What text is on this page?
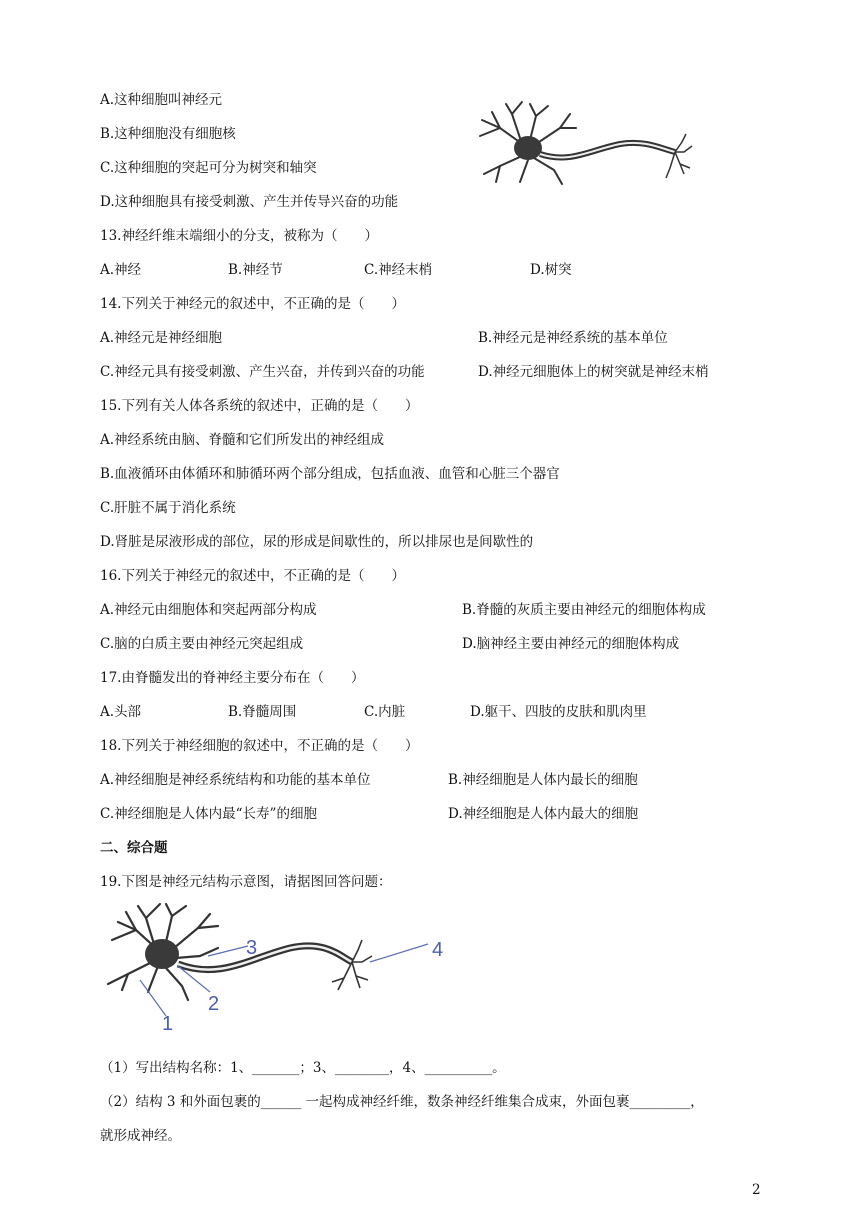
A.这种细胞叫神经元
B.这种细胞没有细胞核
C.这种细胞的突起可分为树突和轴突
D.这种细胞具有接受刺激、产生并传导兴奋的功能
13.神经纤维末端细小的分支，被称为（　　）
A.神经	B.神经节	C.神经末梢	D.树突
14.下列关于神经元的叙述中，不正确的是（　　）
A.神经元是神经细胞	B.神经元是神经系统的基本单位
C.神经元具有接受刺激、产生兴奋，并传到兴奋的功能	D.神经元细胞体上的树突就是神经末梢
15.下列有关人体各系统的叙述中，正确的是（　　）
A.神经系统由脑、脊髓和它们所发出的神经组成
B.血液循环由体循环和肺循环两个部分组成，包括血液、血管和心脏三个器官
C.肝脏不属于消化系统
D.肾脏是尿液形成的部位，尿的形成是间歇性的，所以排尿也是间歇性的
16.下列关于神经元的叙述中，不正确的是（　　）
A.神经元由细胞体和突起两部分构成	B.脊髓的灰质主要由神经元的细胞体构成
C.脑的白质主要由神经元突起组成	D.脑神经主要由神经元的细胞体构成
17.由脊髓发出的脊神经主要分布在（　　）
A.头部	B.脊髓周围	C.内脏	D.躯干、四肢的皮肤和肌肉里
18.下列关于神经细胞的叙述中，不正确的是（　　）
A.神经细胞是神经系统结构和功能的基本单位	B.神经细胞是人体内最长的细胞
C.神经细胞是人体内最“长寿”的细胞	D.神经细胞是人体内最大的细胞
二、综合题
19.下图是神经元结构示意图，请据图回答问题：
1
2
3	4
（1）写出结构名称：1、_______；3、________，4、__________。
（2）结构 3 和外面包裹的______ 一起构成神经纤维，数条神经纤维集合成束，外面包裹_________，
就形成神经。
2
